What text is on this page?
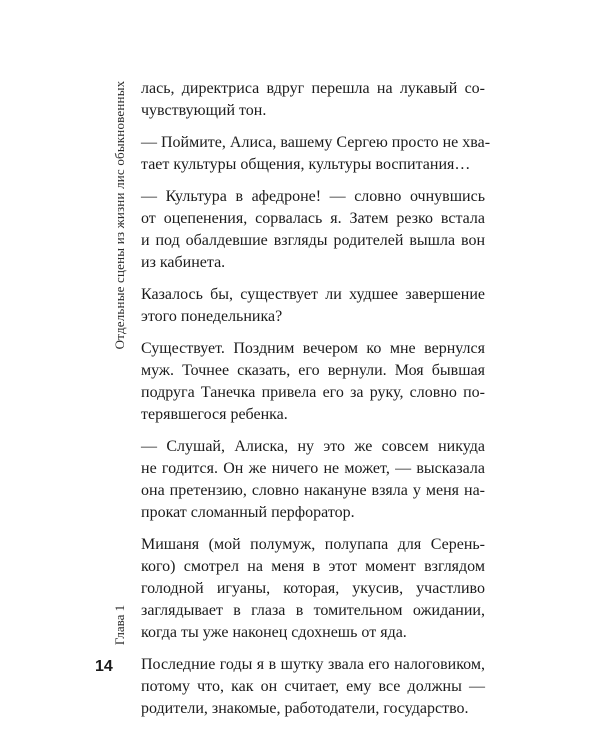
Отдельные сцены из жизни лис обыкновенных
Глава 1
14

лась, директриса вдруг перешла на лукавый со-
чувствующий тон.

— Поймите, Алиса, вашему Сергею просто не хва-
тает культуры общения, культуры воспитания…

— Культура в афедроне! — словно очнувшись
от оцепенения, сорвалась я. Затем резко встала
и под обалдевшие взгляды родителей вышла вон
из кабинета.

Казалось бы, существует ли худшее завершение
этого понедельника?

Существует. Поздним вечером ко мне вернулся
муж. Точнее сказать, его вернули. Моя бывшая
подруга Танечка привела его за руку, словно по-
терявшегося ребенка.

— Слушай, Алиска, ну это же совсем никуда
не годится. Он же ничего не может, — высказала
она претензию, словно накануне взяла у меня на-
прокат сломанный перфоратор.

Мишаня (мой полумуж, полупапа для Серень-
кого) смотрел на меня в этот момент взглядом
голодной игуаны, которая, укусив, участливо
заглядывает в глаза в томительном ожидании,
когда ты уже наконец сдохнешь от яда.

Последние годы я в шутку звала его налоговиком,
потому что, как он считает, ему все должны —
родители, знакомые, работодатели, государство.
